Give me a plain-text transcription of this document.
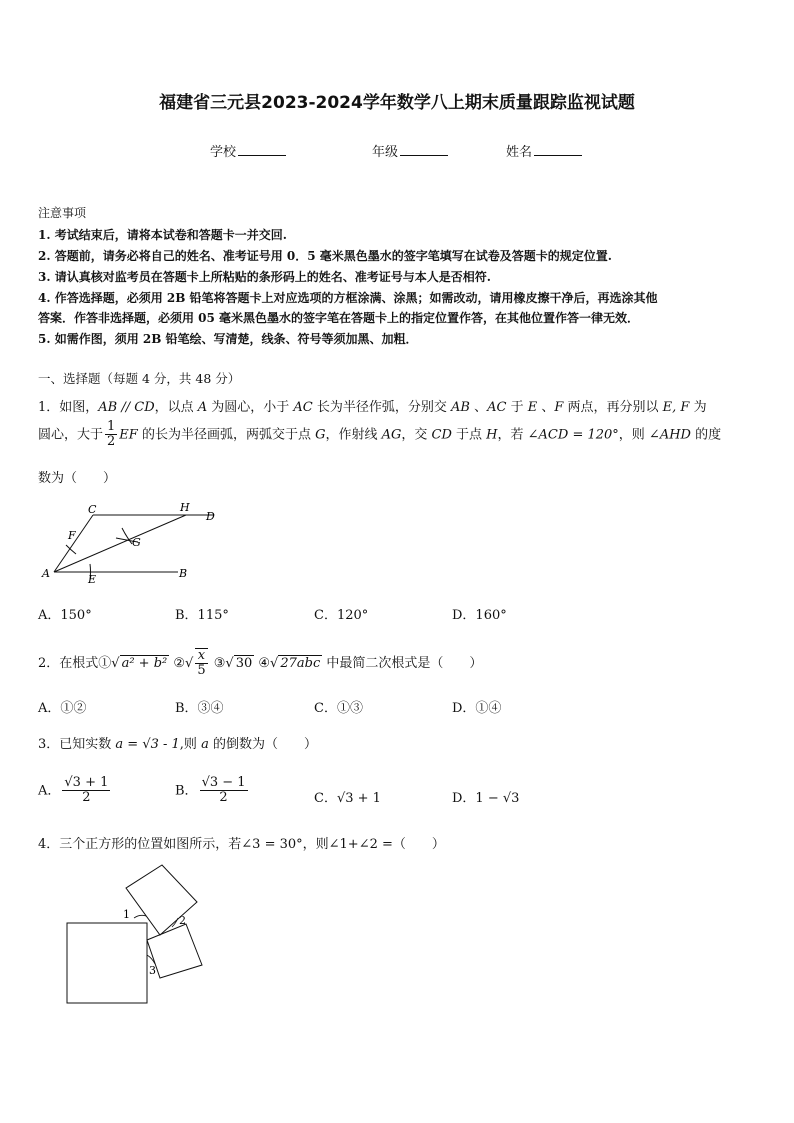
福建省三元县2023-2024学年数学八上期末质量跟踪监视试题
学校	年级	姓名
注意事项
1. 考试结束后，请将本试卷和答题卡一并交回.
2. 答题前，请务必将自己的姓名、准考证号用 0．5 毫米黑色墨水的签字笔填写在试卷及答题卡的规定位置.
3. 请认真核对监考员在答题卡上所粘贴的条形码上的姓名、准考证号与本人是否相符.
4. 作答选择题，必须用 2B 铅笔将答题卡上对应选项的方框涂满、涂黑；如需改动，请用橡皮擦干净后，再选涂其他
答案．作答非选择题，必须用 05 毫米黑色墨水的签字笔在答题卡上的指定位置作答，在其他位置作答一律无效．
5. 如需作图，须用 2B 铅笔绘、写清楚，线条、符号等须加黑、加粗．
一、选择题（每题 4 分，共 48 分）
1．如图，AB // CD，以点 A 为圆心，小于 AC 长为半径作弧，分别交 AB 、AC 于 E 、F 两点，再分别以 E, F 为
圆心，大于 $\frac{1}{2}$ EF 的长为半径画弧，两弧交于点 G，作射线 AG，交 CD 于点 H，若 ∠ACD = 120°，则 ∠AHD 的度
数为（　　）
C	H
D
F
G
A	E	B
A．150°	B．115°	C．120°	D．160°
2．在根式①√ a² + b² ②√ $\frac{x}{5}$ ③√ 30 ④√ 27abc 中最简二次根式是（　　）
A．①②	B．③④	C．①③	D．①④
3．已知实数 a = √3 - 1,则 a 的倒数为（　　）
A． $\frac{√3 + 1}{2}$	B． $\frac{√3 - 1}{2}$	C．√3 + 1	D．1 − √3
4．三个正方形的位置如图所示，若∠3 = 30°，则∠1+∠2 =（　　）
1	2
3
